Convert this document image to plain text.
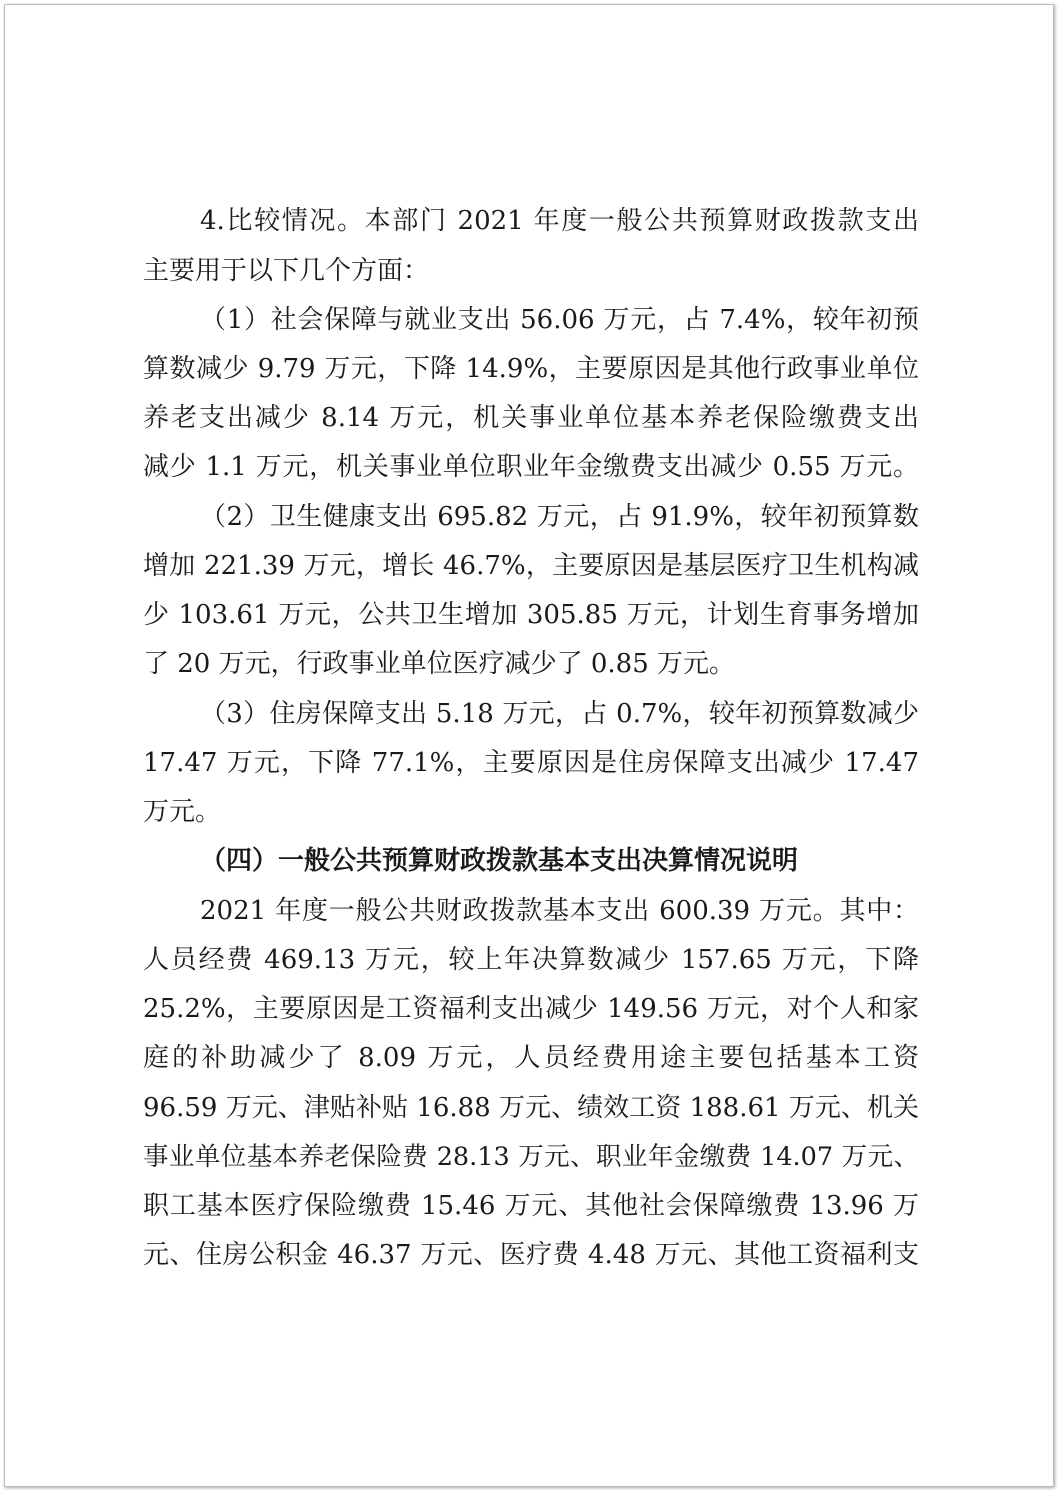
4.比较情况。本部门 2021 年度一般公共预算财政拨款支出
主要用于以下几个方面：
（1）社会保障与就业支出 56.06 万元，占 7.4%，较年初预
算数减少 9.79 万元，下降 14.9%，主要原因是其他行政事业单位
养老支出减少 8.14 万元，机关事业单位基本养老保险缴费支出
减少 1.1 万元，机关事业单位职业年金缴费支出减少 0.55 万元。
（2）卫生健康支出 695.82 万元，占 91.9%，较年初预算数
增加 221.39 万元，增长 46.7%，主要原因是基层医疗卫生机构减
少 103.61 万元，公共卫生增加 305.85 万元，计划生育事务增加
了 20 万元，行政事业单位医疗减少了 0.85 万元。
（3）住房保障支出 5.18 万元，占 0.7%，较年初预算数减少
17.47 万元，下降 77.1%，主要原因是住房保障支出减少 17.47
万元。
（四）一般公共预算财政拨款基本支出决算情况说明
2021 年度一般公共财政拨款基本支出 600.39 万元。其中：
人员经费 469.13 万元，较上年决算数减少 157.65 万元，下降
25.2%，主要原因是工资福利支出减少 149.56 万元，对个人和家
庭的补助减少了 8.09 万元，人员经费用途主要包括基本工资
96.59 万元、津贴补贴 16.88 万元、绩效工资 188.61 万元、机关
事业单位基本养老保险费 28.13 万元、职业年金缴费 14.07 万元、
职工基本医疗保险缴费 15.46 万元、其他社会保障缴费 13.96 万
元、住房公积金 46.37 万元、医疗费 4.48 万元、其他工资福利支
